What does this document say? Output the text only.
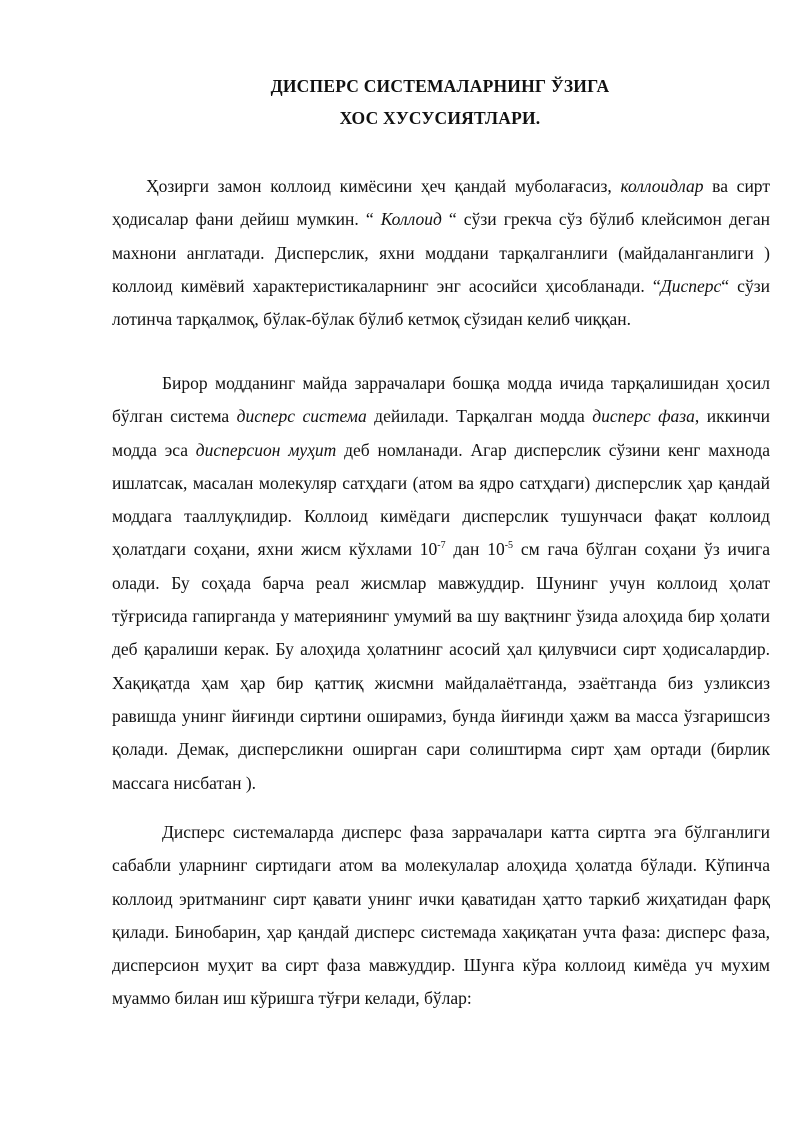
ДИСПЕРС СИСТЕМАЛАРНИНГ ЎЗИГА
ХОС ХУСУСИЯТЛАРИ.
Ҳозирги замон коллоид кимёсини ҳеч қандай муболағасиз, коллоидлар ва сирт ҳодисалар фани дейиш мумкин. “ Коллоид “ сўзи грекча сўз бўлиб клейсимон деган махнони англатади. Дисперслик, яхни моддани тарқалганлиги (майдаланганлиги ) коллоид кимёвий характеристикаларнинг энг асосийси ҳисобланади. “Дисперс“ сўзи лотинча тарқалмоқ, бўлак-бўлак бўлиб кетмоқ сўзидан келиб чиққан.
Бирор модданинг майда заррачалари бошқа модда ичида тарқалишидан ҳосил бўлган система дисперс система дейилади. Тарқалган модда дисперс фаза, иккинчи модда эса дисперсион муҳит деб номланади. Агар дисперслик сўзини кенг махнода ишлатсак, масалан молекуляр сатҳдаги (атом ва ядро сатҳдаги) дисперслик ҳар қандай моддага тааллуқлидир. Коллоид кимёдаги дисперслик тушунчаси фақат коллоид ҳолатдаги соҳани, яхни жисм кўхлами $10^{-7}$ дан $10^{-5}$ см гача бўлган соҳани ўз ичига олади. Бу соҳада барча реал жисмлар мавжуддир. Шунинг учун коллоид ҳолат тўғрисида гапирганда у материянинг умумий ва шу вақтнинг ўзида алоҳида бир ҳолати деб қаралиши керак. Бу алоҳида ҳолатнинг асосий ҳал қилувчиси сирт ҳодисалардир. Хақиқатда ҳам ҳар бир қаттиқ жисмни майдалаётганда, эзаётганда биз узликсиз равишда унинг йиғинди сиртини оширамиз, бунда йиғинди ҳажм ва масса ўзгаришсиз қолади. Демак, дисперсликни оширган сари солиштирма сирт ҳам ортади (бирлик массага нисбатан ).
Дисперс системаларда дисперс фаза заррачалари катта сиртга эга бўлганлиги сабабли уларнинг сиртидаги атом ва молекулалар алоҳида ҳолатда бўлади. Кўпинча коллоид эритманинг сирт қавати унинг ички қаватидан ҳатто таркиб жиҳатидан фарқ қилади. Бинобарин, ҳар қандай дисперс системада хақиқатан учта фаза: дисперс фаза, дисперсион муҳит ва сирт фаза мавжуддир. Шунга кўра коллоид кимёда уч мухим муаммо билан иш кўришга тўғри келади, бўлар:
